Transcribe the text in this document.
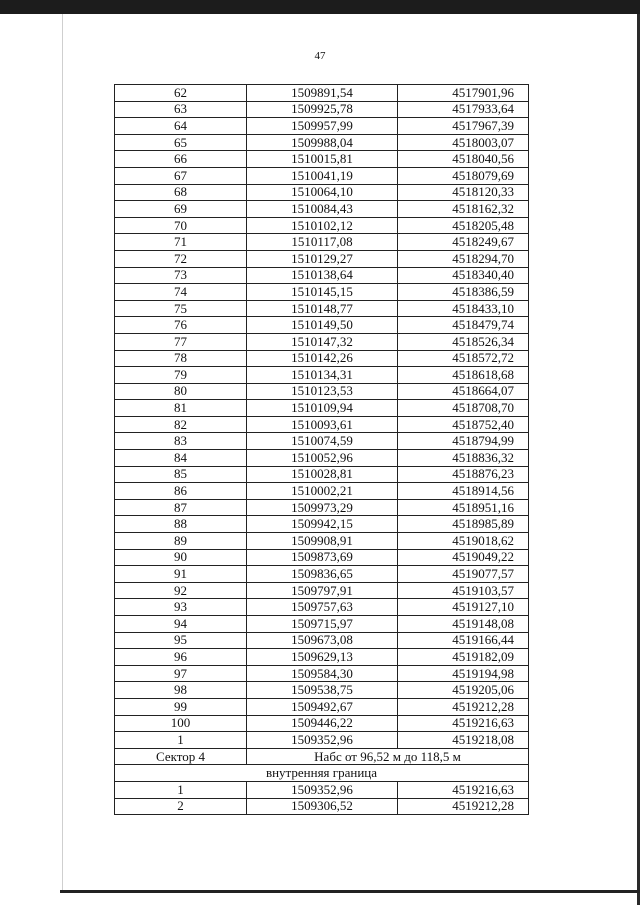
47
62	1509891,54	4517901,96
63	1509925,78	4517933,64
64	1509957,99	4517967,39
65	1509988,04	4518003,07
66	1510015,81	4518040,56
67	1510041,19	4518079,69
68	1510064,10	4518120,33
69	1510084,43	4518162,32
70	1510102,12	4518205,48
71	1510117,08	4518249,67
72	1510129,27	4518294,70
73	1510138,64	4518340,40
74	1510145,15	4518386,59
75	1510148,77	4518433,10
76	1510149,50	4518479,74
77	1510147,32	4518526,34
78	1510142,26	4518572,72
79	1510134,31	4518618,68
80	1510123,53	4518664,07
81	1510109,94	4518708,70
82	1510093,61	4518752,40
83	1510074,59	4518794,99
84	1510052,96	4518836,32
85	1510028,81	4518876,23
86	1510002,21	4518914,56
87	1509973,29	4518951,16
88	1509942,15	4518985,89
89	1509908,91	4519018,62
90	1509873,69	4519049,22
91	1509836,65	4519077,57
92	1509797,91	4519103,57
93	1509757,63	4519127,10
94	1509715,97	4519148,08
95	1509673,08	4519166,44
96	1509629,13	4519182,09
97	1509584,30	4519194,98
98	1509538,75	4519205,06
99	1509492,67	4519212,28
100	1509446,22	4519216,63
1	1509352,96	4519218,08
Сектор 4	Набс от 96,52 м до 118,5 м	
внутренняя граница		
1	1509352,96	4519216,63
2	1509306,52	4519212,28
